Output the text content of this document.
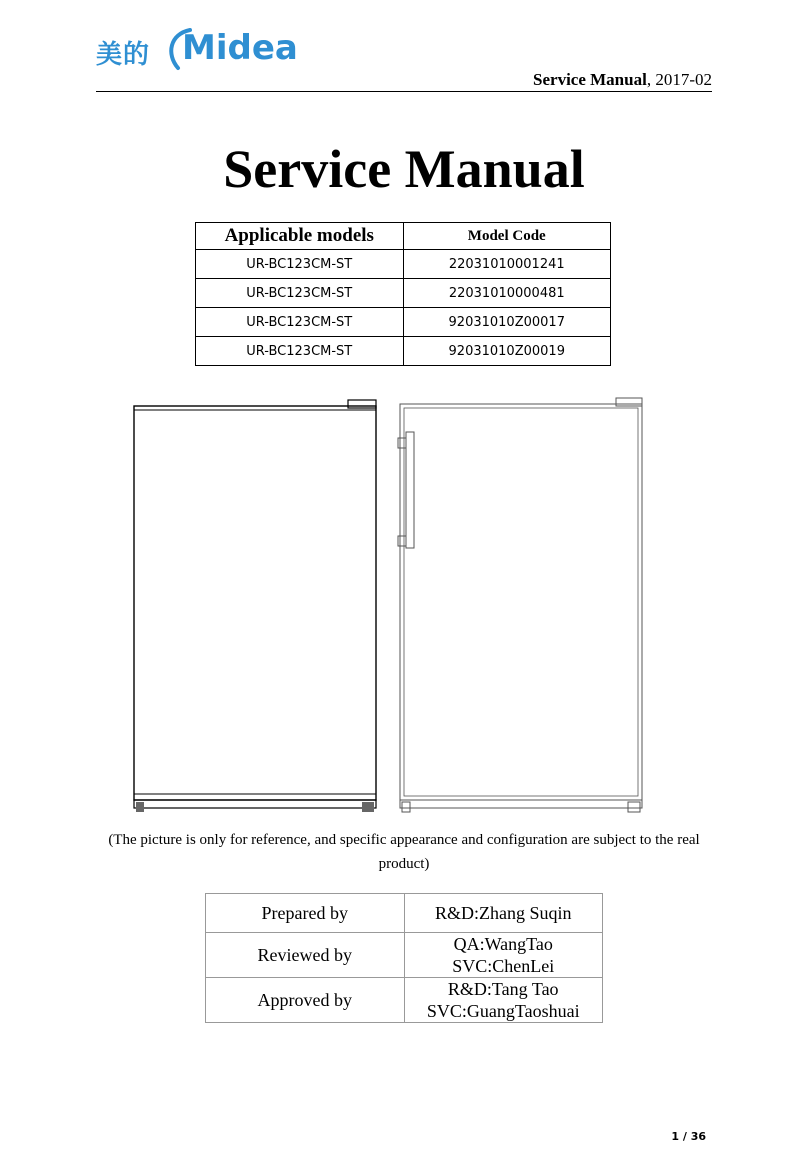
美的 Midea
Service Manual, 2017-02
Service Manual
Applicable models	Model Code
UR-BC123CM-ST	22031010001241
UR-BC123CM-ST	22031010000481
UR-BC123CM-ST	92031010Z00017
UR-BC123CM-ST	92031010Z00019
(The picture is only for reference, and specific appearance and configuration are subject to the real
product)
Prepared by	R&D:Zhang Suqin
Reviewed by	QA:WangTao
SVC:ChenLei

Approved by	R&D:Tang Tao
SVC:GuangTaoshuai
1 / 36
